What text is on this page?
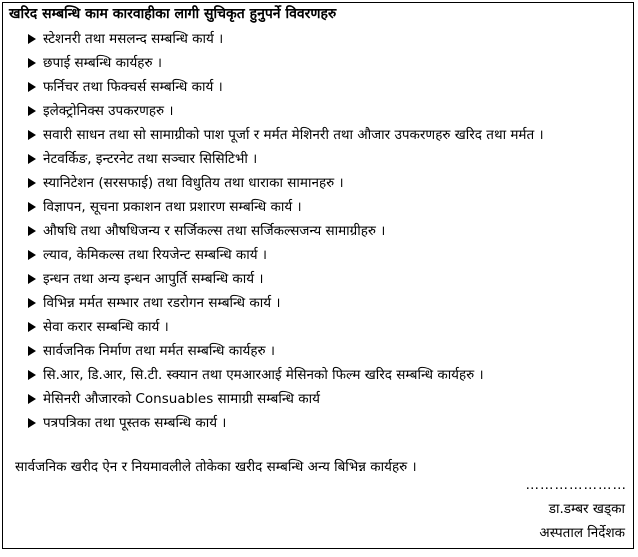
खरिद सम्बन्धि काम कारवाहीका लागी सुचिकृत हुनुपर्ने विवरणहरु
स्टेशनरी तथा मसलन्द सम्बन्धि कार्य ।
छपाई सम्बन्धि कार्यहरु ।
फर्निचर तथा फिक्चर्स सम्बन्धि कार्य ।
इलेक्ट्रोनिक्स उपकरणहरु ।
सवारी साधन तथा सो सामाग्रीको पाश पूर्जा र मर्मत मेशिनरी तथा औजार उपकरणहरु खरिद तथा मर्मत ।
नेटवर्किङ, इन्टरनेट तथा सञ्चार सिसिटिभी ।
स्यानिटेशन (सरसफाई) तथा विधुतिय तथा धाराका सामानहरु ।
विज्ञापन, सूचना प्रकाशन तथा प्रशारण सम्बन्धि कार्य ।
औषधि तथा औषधिजन्य र सर्जिकल्स तथा सर्जिकल्सजन्य सामाग्रीहरु ।
ल्याव, केमिकल्स तथा रियजेन्ट सम्बन्धि कार्य ।
इन्धन तथा अन्य इन्धन आपुर्ति सम्बन्धि कार्य ।
विभिन्न मर्मत सम्भार तथा रडरोगन सम्बन्धि कार्य ।
सेवा करार सम्बन्धि कार्य ।
सार्वजनिक निर्माण तथा मर्मत सम्बन्धि कार्यहरु ।
सि.आर, डि.आर, सि.टी. स्क्यान तथा एमआरआई मेसिनको फिल्म खरिद सम्बन्धि कार्यहरु ।
मेसिनरी औजारको Consuables सामाग्री सम्बन्धि कार्य
पत्रपत्रिका तथा पूस्तक सम्बन्धि कार्य ।
सार्वजनिक खरीद ऐन र नियमावलीले तोकेका खरीद सम्बन्धि अन्य बिभिन्न कार्यहरु ।
…………………
डा.डम्बर खड्का
अस्पताल निर्देशक
